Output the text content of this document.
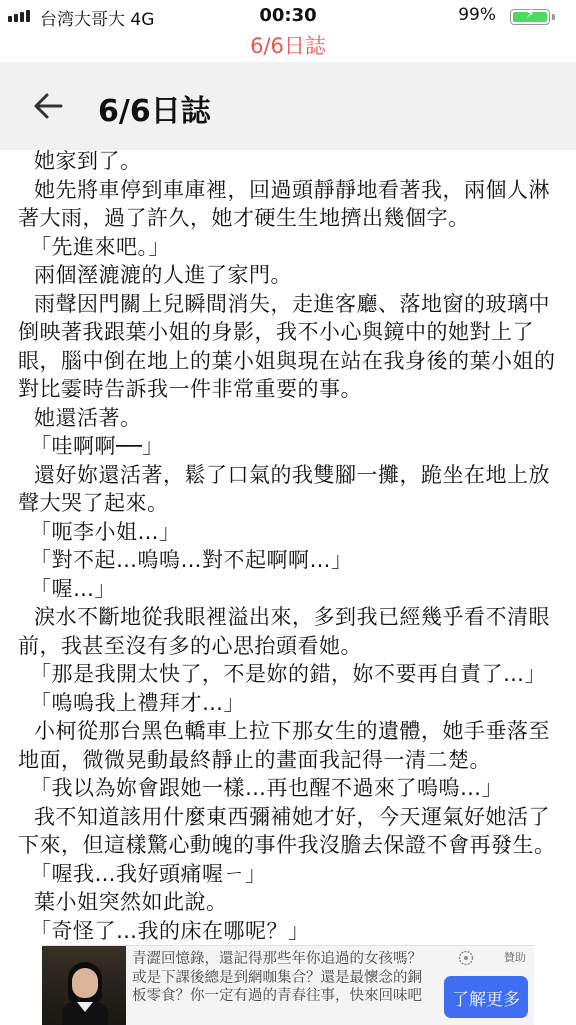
台湾大哥大 4G	00:30	99%	⚡
6/6日誌
6/6日誌

她家到了。

她先將車停到車庫裡，回過頭靜靜地看著我，兩個人淋著大雨，過了許久，她才硬生生地擠出幾個字。

「先進來吧。」

兩個溼漉漉的人進了家門。

雨聲因門關上兒瞬間消失，走進客廳、落地窗的玻璃中倒映著我跟葉小姐的身影，我不小心與鏡中的她對上了眼，腦中倒在地上的葉小姐與現在站在我身後的葉小姐的對比霎時告訴我一件非常重要的事。

她還活著。

「哇啊啊──」

還好妳還活著，鬆了口氣的我雙腳一攤，跪坐在地上放聲大哭了起來。

「呃李小姐…」

「對不起…嗚嗚…對不起啊啊…」

「喔…」

淚水不斷地從我眼裡溢出來，多到我已經幾乎看不清眼前，我甚至沒有多的心思抬頭看她。

「那是我開太快了，不是妳的錯，妳不要再自責了…」

「嗚嗚我上禮拜才…」

小柯從那台黑色轎車上拉下那女生的遺體，她手垂落至地面，微微晃動最終靜止的畫面我記得一清二楚。

「我以為妳會跟她一樣…再也醒不過來了嗚嗚…」

我不知道該用什麼東西彌補她才好，今天運氣好她活了下來，但這樣驚心動魄的事件我沒膽去保證不會再發生。

「喔我…我好頭痛喔ㄧ」

葉小姐突然如此說。

「奇怪了…我的床在哪呢？」

青澀回憶錄，還記得那些年你追過的女孩嗎？或是下課後總是到網咖集合？還是最懷念的銅板零食？你一定有過的青春往事，快來回味吧
贊助
了解更多
